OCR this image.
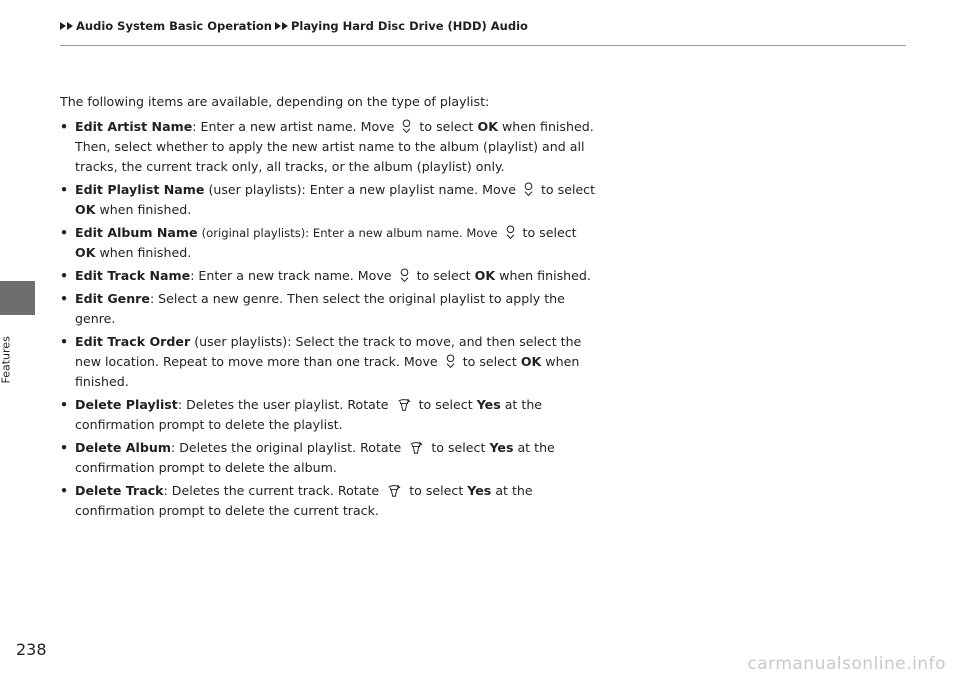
Audio System Basic Operation Playing Hard Disc Drive (HDD) Audio
Features

The following items are available, depending on the type of playlist:

• Edit Artist Name: Enter a new artist name. Move to select OK when finished. Then, select whether to apply the new artist name to the album (playlist) and all tracks, the current track only, all tracks, or the album (playlist) only.
• Edit Playlist Name (user playlists): Enter a new playlist name. Move to select OK when finished.
• Edit Album Name (original playlists): Enter a new album name. Move to select OK when finished.
• Edit Track Name: Enter a new track name. Move to select OK when finished.
• Edit Genre: Select a new genre. Then select the original playlist to apply the genre.
• Edit Track Order (user playlists): Select the track to move, and then select the new location. Repeat to move more than one track. Move to select OK when finished.
• Delete Playlist: Deletes the user playlist. Rotate to select Yes at the confirmation prompt to delete the playlist.
• Delete Album: Deletes the original playlist. Rotate to select Yes at the confirmation prompt to delete the album.
• Delete Track: Deletes the current track. Rotate to select Yes at the confirmation prompt to delete the current track.
238
carmanualsonline.info
